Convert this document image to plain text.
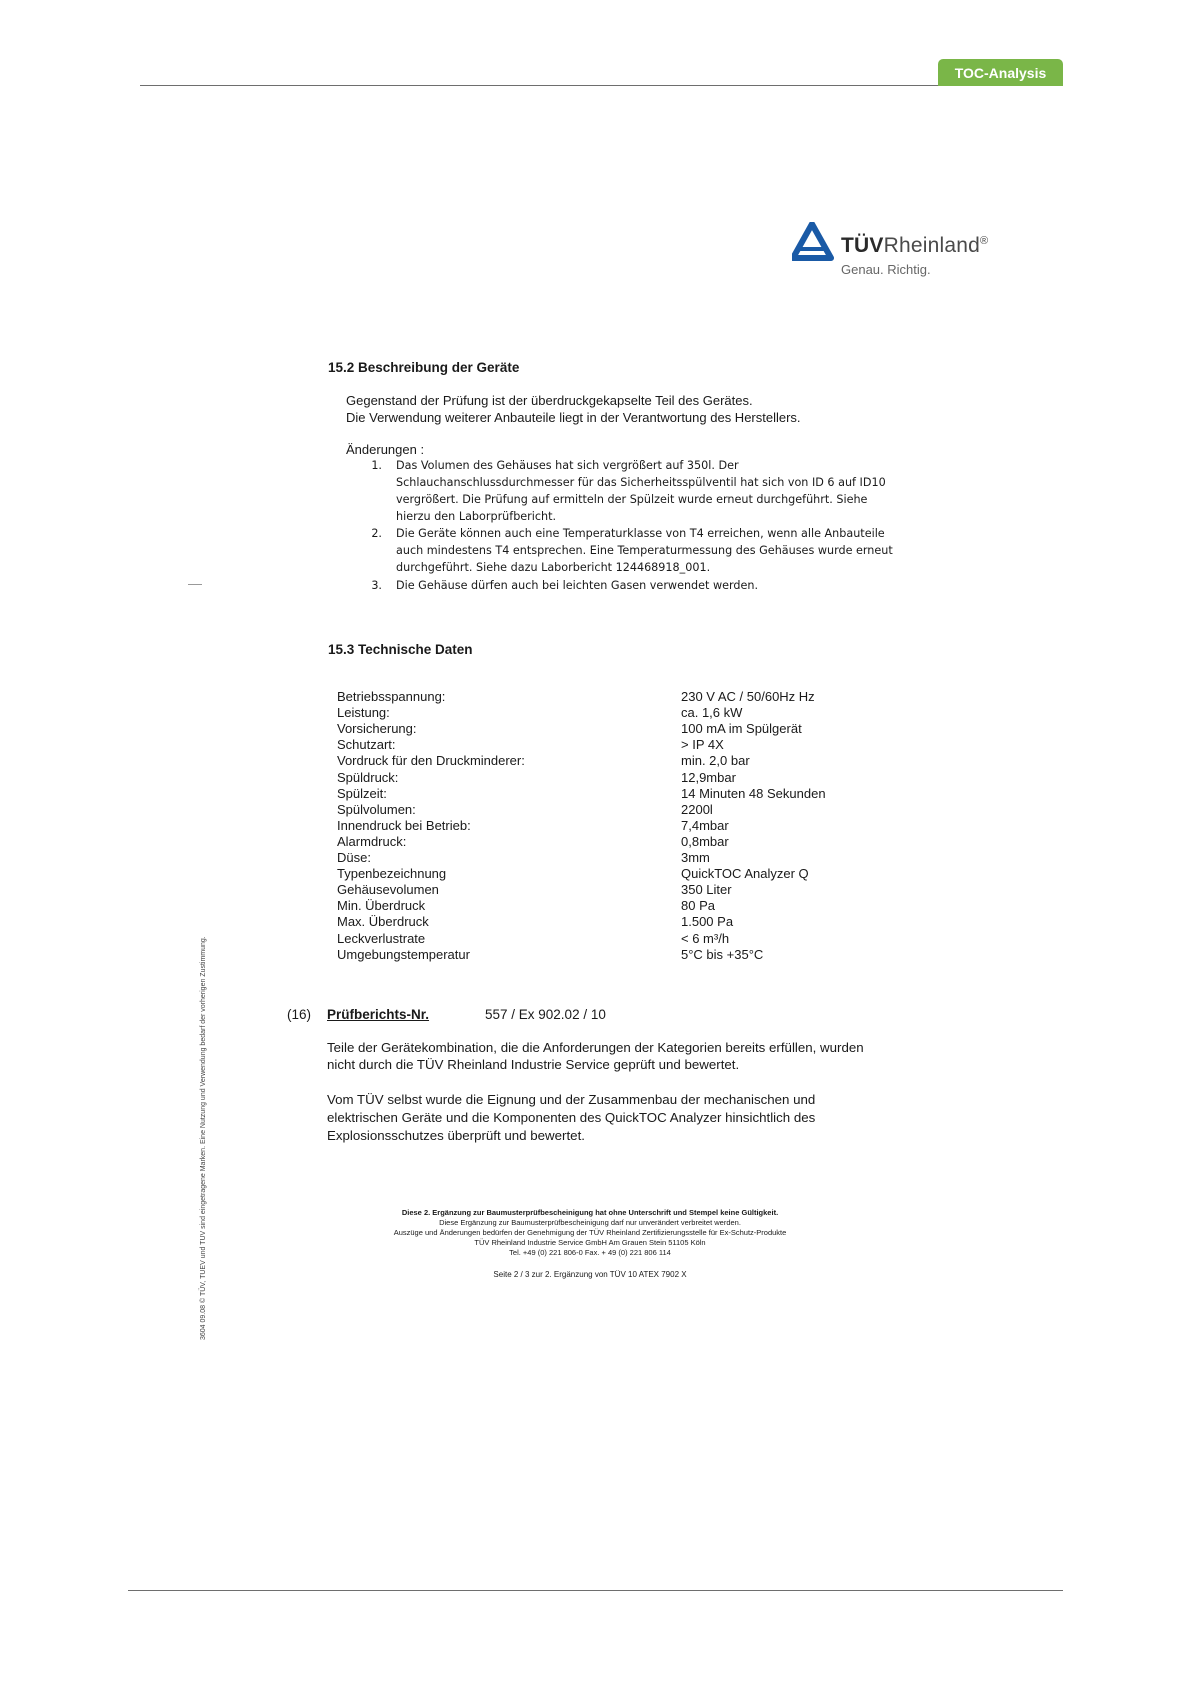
TOC-Analysis
TÜVRheinland®
Genau. Richtig.
15.2 Beschreibung der Geräte
Gegenstand der Prüfung ist der überdruckgekapselte Teil des Gerätes.
Die Verwendung weiterer Anbauteile liegt in der Verantwortung des Herstellers.
Änderungen :
1. Das Volumen des Gehäuses hat sich vergrößert auf 350l. Der
Schlauchanschlussdurchmesser für das Sicherheitsspülventil hat sich von ID 6 auf ID10
vergrößert. Die Prüfung auf ermitteln der Spülzeit wurde erneut durchgeführt. Siehe
hierzu den Laborprüfbericht.
2. Die Geräte können auch eine Temperaturklasse von T4 erreichen, wenn alle Anbauteile
auch mindestens T4 entsprechen. Eine Temperaturmessung des Gehäuses wurde erneut
durchgeführt. Siehe dazu Laborbericht 124468918_001.
3. Die Gehäuse dürfen auch bei leichten Gasen verwendet werden.
15.3 Technische Daten
Betriebsspannung:	230 V AC / 50/60Hz Hz
Leistung:	ca. 1,6 kW
Vorsicherung:	100 mA im Spülgerät
Schutzart:	> IP 4X
Vordruck für den Druckminderer:	min. 2,0 bar
Spüldruck:	12,9mbar
Spülzeit:	14 Minuten 48 Sekunden
Spülvolumen:	2200l
Innendruck bei Betrieb:	7,4mbar
Alarmdruck:	0,8mbar
Düse:	3mm
Typenbezeichnung	QuickTOC Analyzer Q
Gehäusevolumen	350 Liter
Min. Überdruck	80 Pa
Max. Überdruck	1.500 Pa
Leckverlustrate	< 6 m³/h
Umgebungstemperatur	5°C bis +35°C
(16) Prüfberichts-Nr.	557 / Ex 902.02 / 10
Teile der Gerätekombination, die die Anforderungen der Kategorien bereits erfüllen, wurden
nicht durch die TÜV Rheinland Industrie Service geprüft und bewertet.
Vom TÜV selbst wurde die Eignung und der Zusammenbau der mechanischen und
elektrischen Geräte und die Komponenten des QuickTOC Analyzer hinsichtlich des
Explosionsschutzes überprüft und bewertet.
Diese 2. Ergänzung zur Baumusterprüfbescheinigung hat ohne Unterschrift und Stempel keine Gültigkeit.
Diese Ergänzung zur Baumusterprüfbescheinigung darf nur unverändert verbreitet werden.
Auszüge und Änderungen bedürfen der Genehmigung der TÜV Rheinland Zertifizierungsstelle für Ex-Schutz-Produkte
TÜV Rheinland Industrie Service GmbH Am Grauen Stein 51105 Köln
Tel. +49 (0) 221 806-0 Fax. + 49 (0) 221 806 114
Seite 2 / 3 zur 2. Ergänzung von TÜV 10 ATEX 7902 X
3604 09.08 © TÜV, TUEV und TUV sind eingetragene Marken. Eine Nutzung und Verwendung bedarf der vorherigen Zustimmung.
